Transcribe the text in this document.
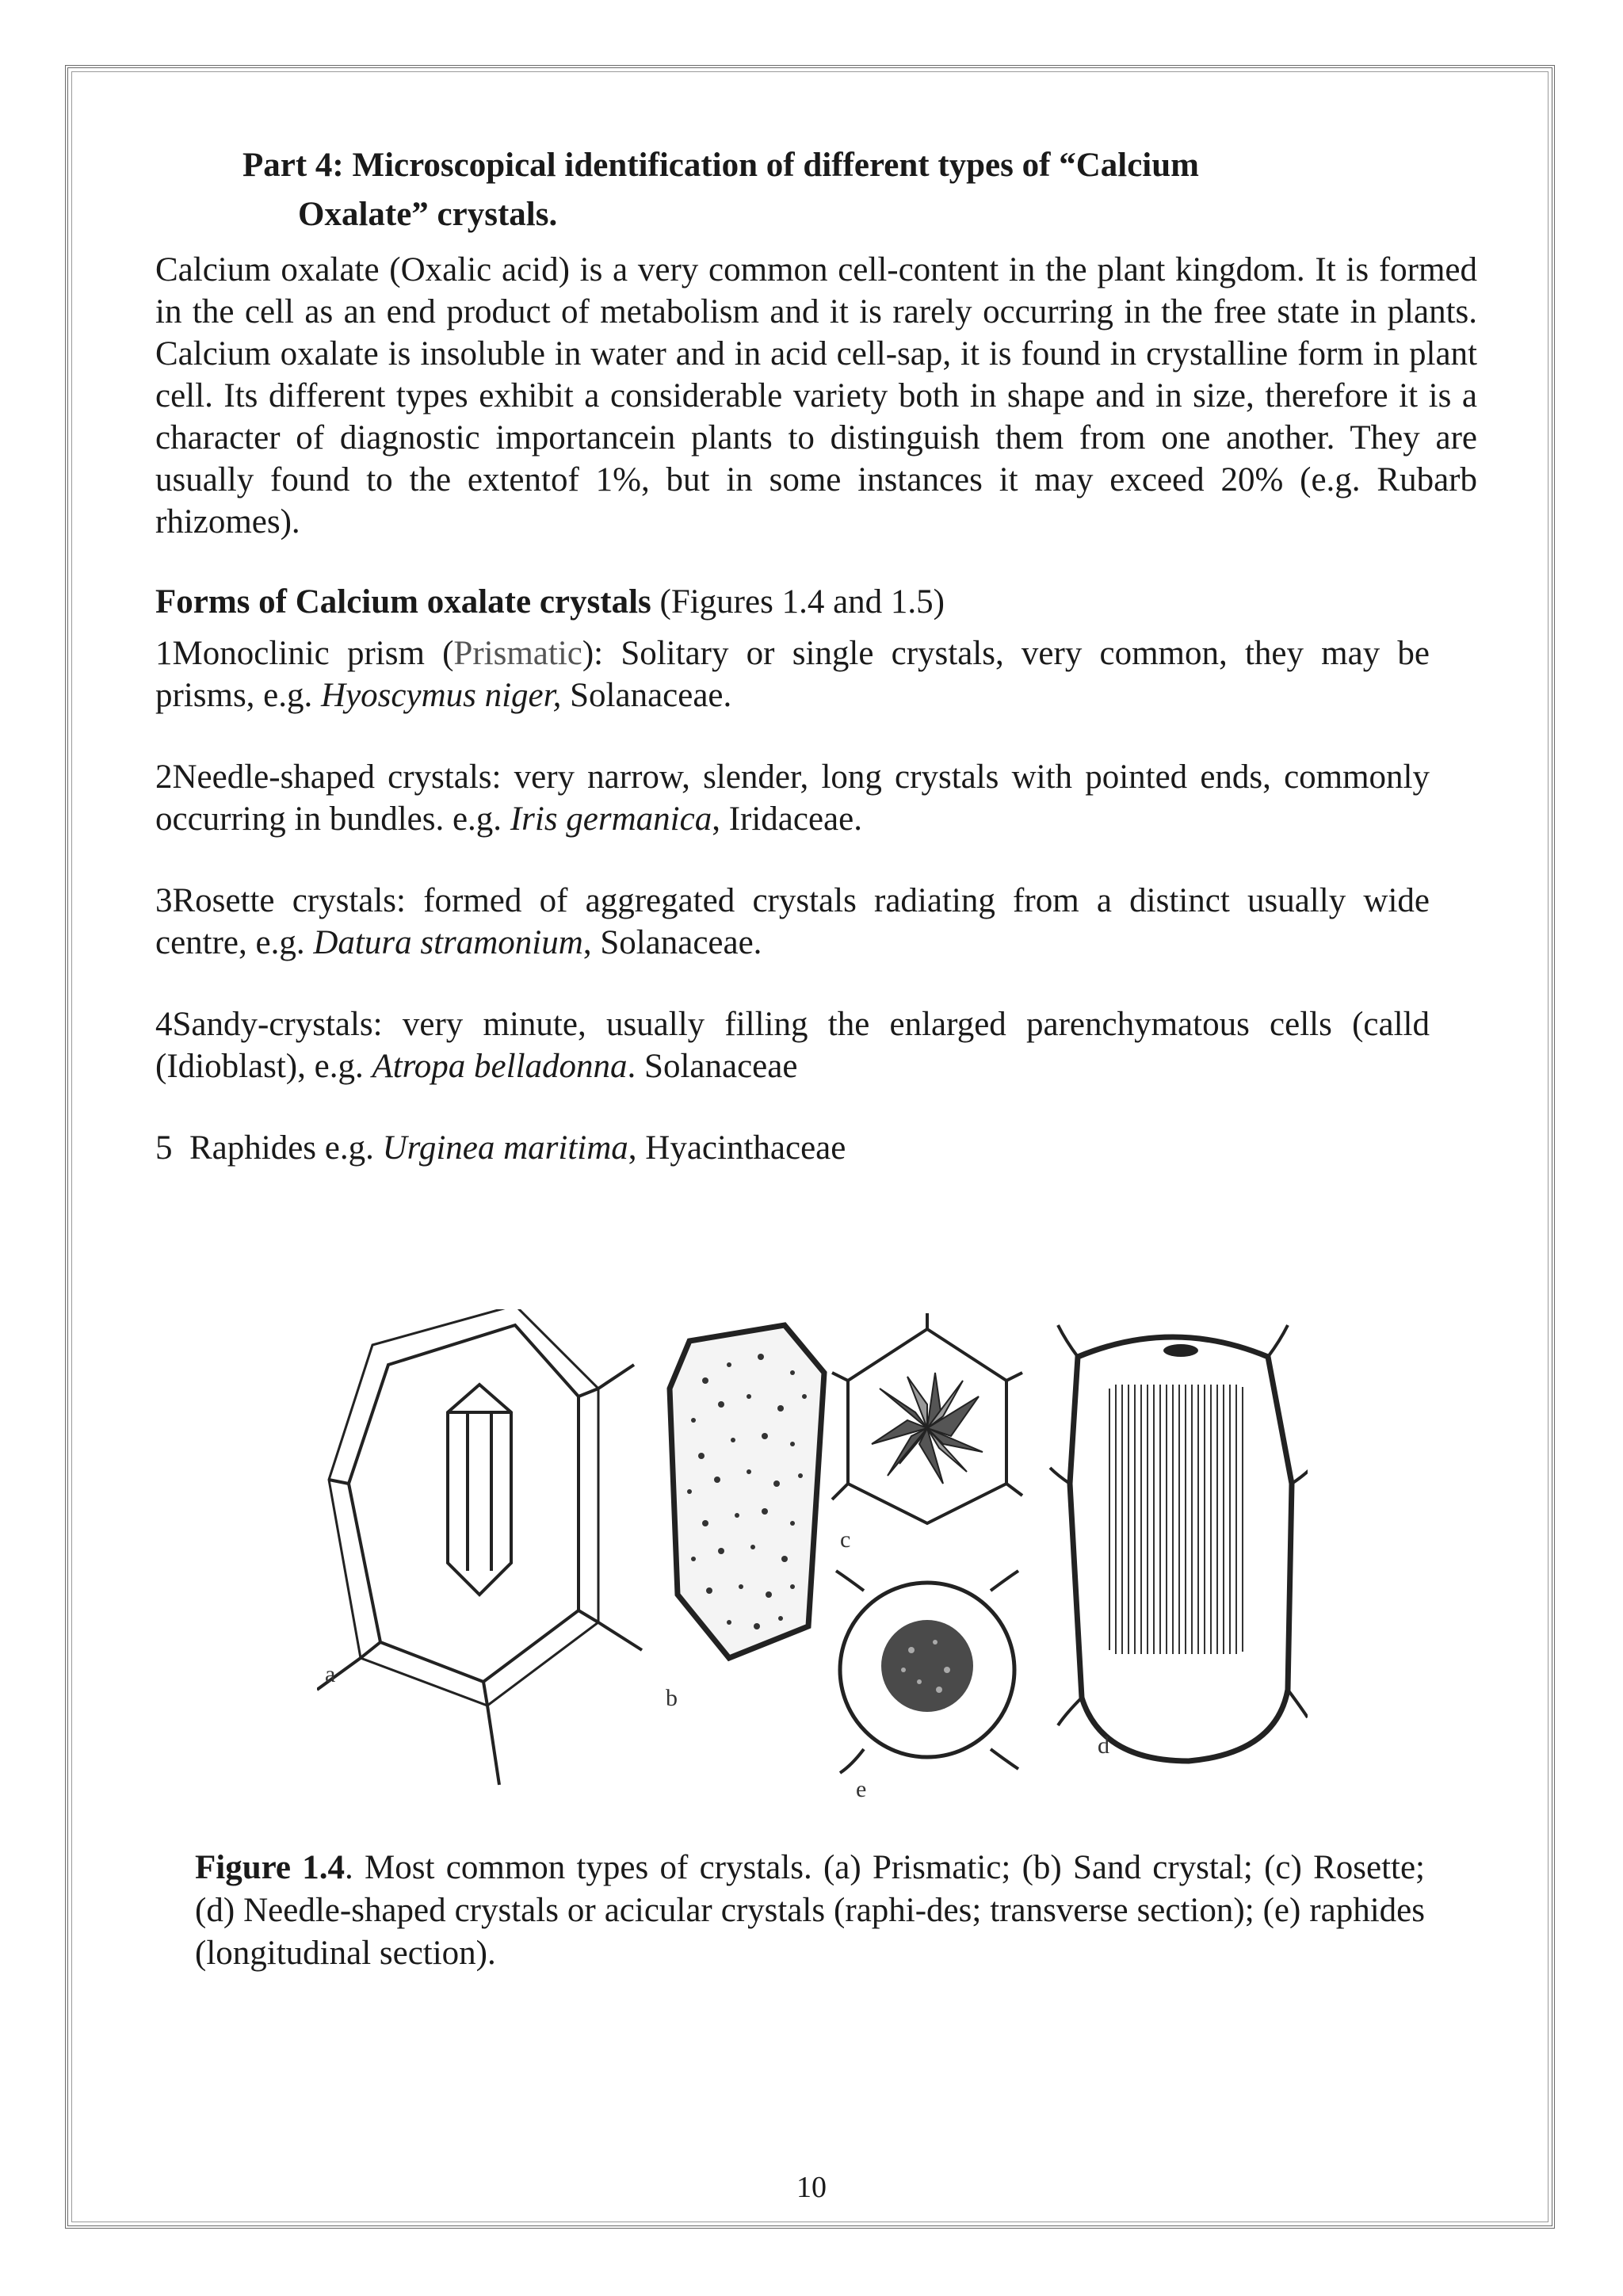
Part 4: Microscopical identification of different types of “Calcium
Oxalate” crystals.

Calcium oxalate (Oxalic acid) is a very common cell-content in the plant kingdom. It is formed in the cell as an end product of metabolism and it is rarely occurring in the free state in plants. Calcium oxalate is insoluble in water and in acid cell-sap, it is found in crystalline form in plant cell. Its different types exhibit a considerable variety both in shape and in size, therefore it is a character of diagnostic importancein plants to distinguish them from one another. They are usually found to the extentof 1%, but in some instances it may exceed 20% (e.g. Rubarb rhizomes).

Forms of Calcium oxalate crystals (Figures 1.4 and 1.5)

1Monoclinic prism (Prismatic): Solitary or single crystals, very common, they may be prisms, e.g. Hyoscymus niger, Solanaceae.

2Needle-shaped crystals: very narrow, slender, long crystals with pointed ends, commonly occurring in bundles. e.g. Iris germanica, Iridaceae.

3Rosette crystals: formed of aggregated crystals radiating from a distinct usually wide centre, e.g. Datura stramonium, Solanaceae.

4Sandy-crystals: very minute, usually filling the enlarged parenchymatous cells (calld (Idioblast), e.g. Atropa belladonna. Solanaceae

5  Raphides e.g. Urginea maritima, Hyacinthaceae

a
b
c
e
d

Figure 1.4. Most common types of crystals. (a) Prismatic; (b) Sand crystal; (c) Rosette; (d) Needle-shaped crystals or acicular crystals (raphi-des; transverse section); (e) raphides (longitudinal section).

10
